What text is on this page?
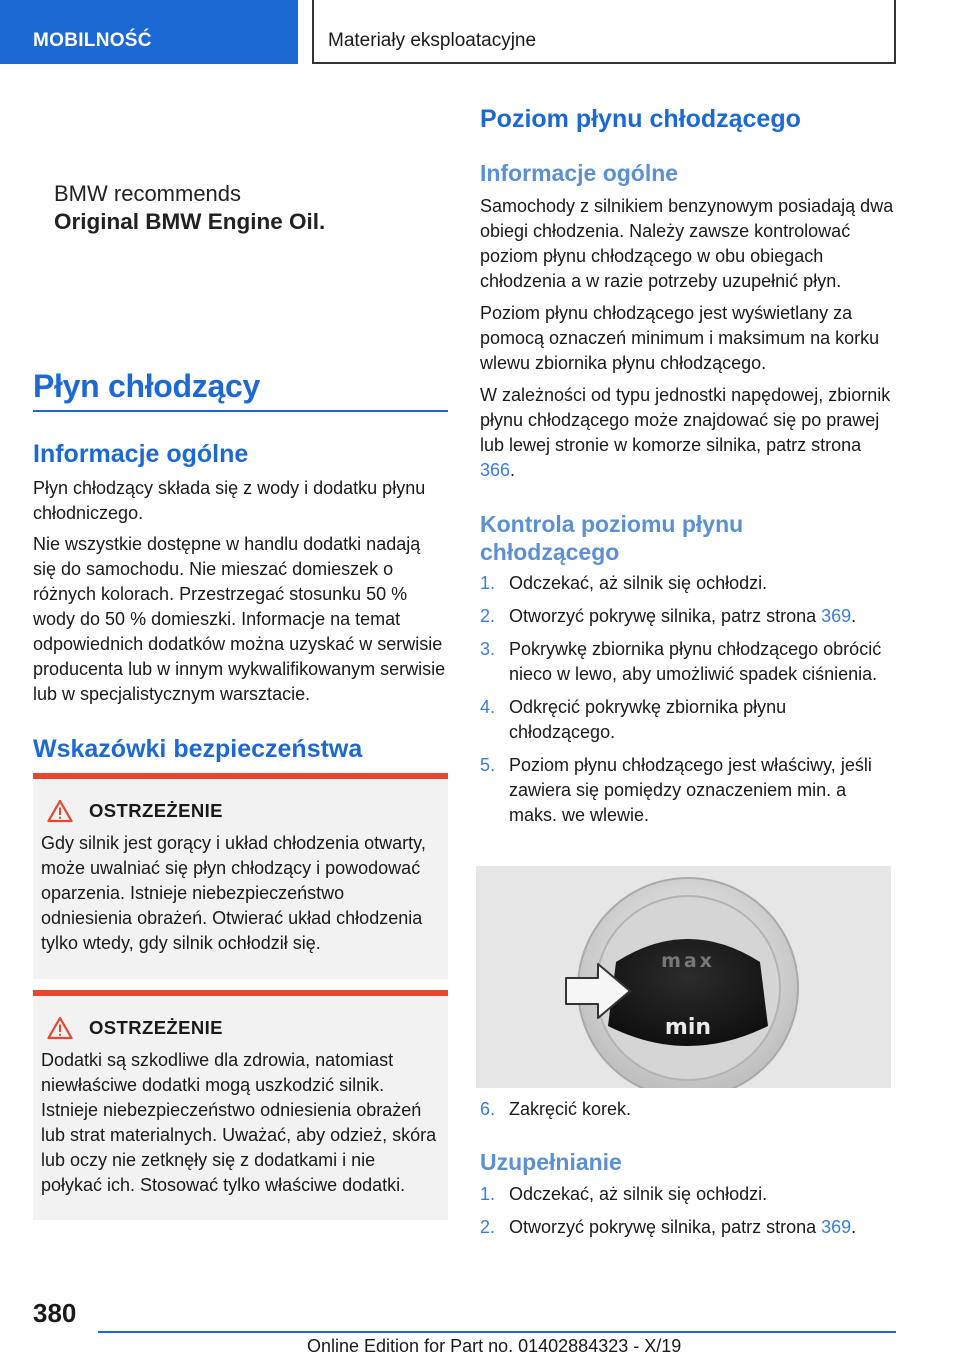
MOBILNOŚĆ	Materiały eksploatacyjne
BMW recommends
Original BMW Engine Oil.
Płyn chłodzący
Informacje ogólne

Płyn chłodzący składa się z wody i dodatku płynu chłodniczego.

Nie wszystkie dostępne w handlu dodatki nadają się do samochodu. Nie mieszać domieszek o różnych kolorach. Przestrzegać stosunku 50 % wody do 50 % domieszki. Informacje na temat odpowiednich dodatków można uzyskać w serwisie producenta lub w innym wykwalifikowanym serwisie lub w specjalistycznym warsztacie.

Wskazówki bezpieczeństwa
OSTRZEŻENIE
Gdy silnik jest gorący i układ chłodzenia otwarty, może uwalniać się płyn chłodzący i powodować oparzenia. Istnieje niebezpieczeństwo odniesienia obrażeń. Otwierać układ chłodzenia tylko wtedy, gdy silnik ochłodził się.
OSTRZEŻENIE
Dodatki są szkodliwe dla zdrowia, natomiast niewłaściwe dodatki mogą uszkodzić silnik. Istnieje niebezpieczeństwo odniesienia obrażeń lub strat materialnych. Uważać, aby odzież, skóra lub oczy nie zetknęły się z dodatkami i nie połykać ich. Stosować tylko właściwe dodatki.
Poziom płynu chłodzącego
Informacje ogólne

Samochody z silnikiem benzynowym posiadają dwa obiegi chłodzenia. Należy zawsze kontrolować poziom płynu chłodzącego w obu obiegach chłodzenia a w razie potrzeby uzupełnić płyn.

Poziom płynu chłodzącego jest wyświetlany za pomocą oznaczeń minimum i maksimum na korku wlewu zbiornika płynu chłodzącego.

W zależności od typu jednostki napędowej, zbiornik płynu chłodzącego może znajdować się po prawej lub lewej stronie w komorze silnika, patrz strona 366.

Kontrola poziomu płynu
chłodzącego
1. Odczekać, aż silnik się ochłodzi.
2. Otworzyć pokrywę silnika, patrz strona 369.
3. Pokrywkę zbiornika płynu chłodzącego obrócić nieco w lewo, aby umożliwić spadek ciśnienia.
4. Odkręcić pokrywkę zbiornika płynu chłodzącego.
5. Poziom płynu chłodzącego jest właściwy, jeśli zawiera się pomiędzy oznaczeniem min. a maks. we wlewie.
max
min
6. Zakręcić korek.
Uzupełnianie
1. Odczekać, aż silnik się ochłodzi.
2. Otworzyć pokrywę silnika, patrz strona 369.
380
Online Edition for Part no. 01402884323 - X/19
